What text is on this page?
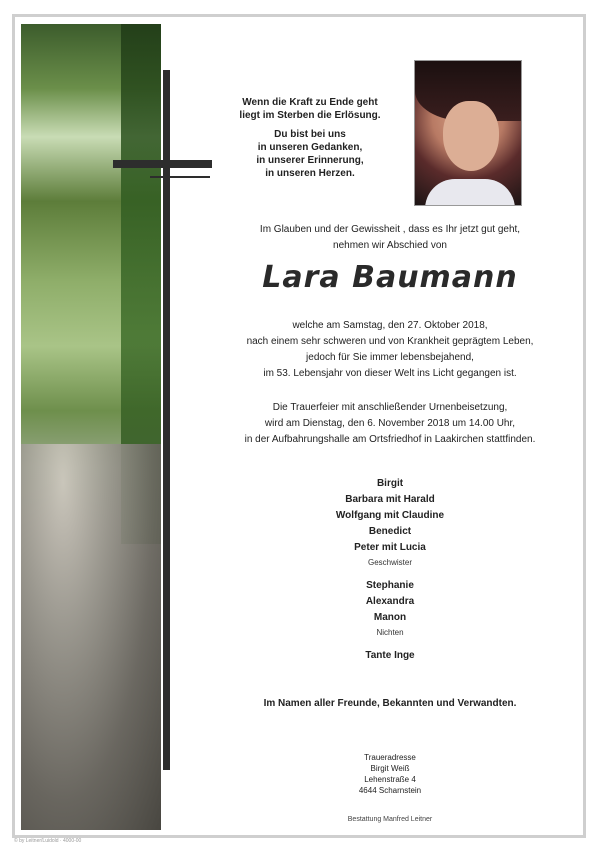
Wenn die Kraft zu Ende geht
liegt im Sterben die Erlösung.
Du bist bei uns
in unseren Gedanken,
in unserer Erinnerung,
in unseren Herzen.
Im Glauben und der Gewissheit , dass es Ihr jetzt gut geht,
nehmen wir Abschied von
Lara Baumann
welche am Samstag, den 27. Oktober 2018,
nach einem sehr schweren und von Krankheit geprägtem Leben,
jedoch für Sie immer lebensbejahend,
im 53. Lebensjahr von dieser Welt ins Licht gegangen ist.
Die Trauerfeier mit anschließender Urnenbeisetzung,
wird am Dienstag, den 6. November 2018 um 14.00 Uhr,
in der Aufbahrungshalle am Ortsfriedhof in Laakirchen stattfinden.
Birgit
Barbara mit Harald
Wolfgang mit Claudine
Benedict
Peter mit Lucia
Geschwister
Stephanie
Alexandra
Manon
Nichten
Tante Inge
Im Namen aller Freunde, Bekannten und Verwandten.
Traueradresse
Birgit Weiß
Lehenstraße 4
4644 Scharnstein
Bestattung Manfred Leitner
© by Leitner/Luidold · 4000-00
